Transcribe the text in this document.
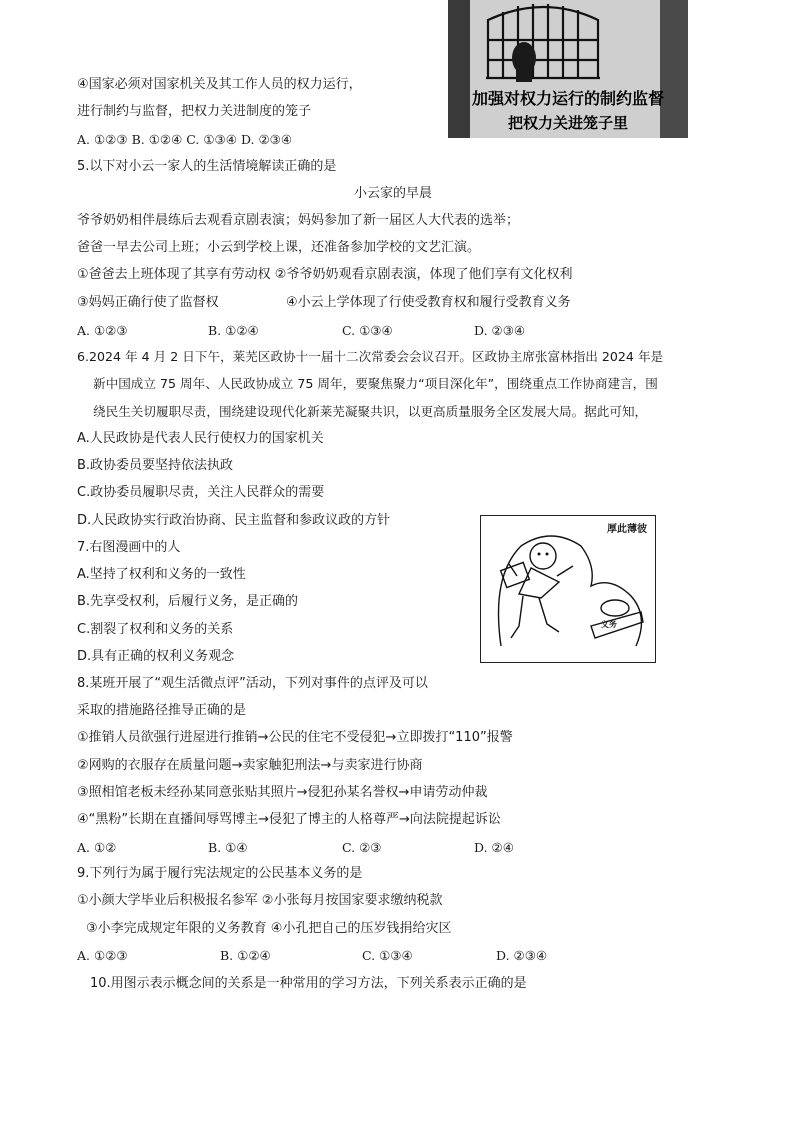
加强对权力运行的制约监督
把权力关进笼子里
④国家必须对国家机关及其工作人员的权力运行，
进行制约与监督，把权力关进制度的笼子
A. ①②③ B. ①②④ C. ①③④ D. ②③④
5.以下对小云一家人的生活情境解读正确的是
小云家的早晨
爷爷奶奶相伴晨练后去观看京剧表演；妈妈参加了新一届区人大代表的选举；
爸爸一早去公司上班；小云到学校上课，还准备参加学校的文艺汇演。
①爸爸去上班体现了其享有劳动权 ②爷爷奶奶观看京剧表演，体现了他们享有文化权利
③妈妈正确行使了监督权	④小云上学体现了行使受教育权和履行受教育义务
A. ①②③	B. ①②④	C. ①③④	D. ②③④
6.2024 年 4 月 2 日下午，莱芜区政协十一届十二次常委会会议召开。区政协主席张富林指出 2024 年是
新中国成立 75 周年、人民政协成立 75 周年，要聚焦聚力“项目深化年”，围绕重点工作协商建言，围
绕民生关切履职尽责，围绕建设现代化新莱芜凝聚共识，以更高质量服务全区发展大局。据此可知，
A.人民政协是代表人民行使权力的国家机关
B.政协委员要坚持依法执政
C.政协委员履职尽责，关注人民群众的需要
D.人民政协实行政治协商、民主监督和参政议政的方针
厚此薄彼
义务
7.右图漫画中的人
A.坚持了权利和义务的一致性
B.先享受权利，后履行义务，是正确的
C.割裂了权利和义务的关系
D.具有正确的权利义务观念
8.某班开展了“观生活微点评”活动，下列对事件的点评及可以
采取的措施路径推导正确的是
①推销人员欲强行进屋进行推销→公民的住宅不受侵犯→立即拨打“110”报警
②网购的衣服存在质量问题→卖家触犯刑法→与卖家进行协商
③照相馆老板未经孙某同意张贴其照片→侵犯孙某名誉权→申请劳动仲裁
④“黑粉”长期在直播间辱骂博主→侵犯了博主的人格尊严→向法院提起诉讼
A. ①②	B. ①④	C. ②③	D. ②④
9.下列行为属于履行宪法规定的公民基本义务的是
①小颜大学毕业后积极报名参军 ②小张每月按国家要求缴纳税款
③小李完成规定年限的义务教育 ④小孔把自己的压岁钱捐给灾区
A. ①②③	B. ①②④	C. ①③④	D. ②③④
10.用图示表示概念间的关系是一种常用的学习方法，下列关系表示正确的是
